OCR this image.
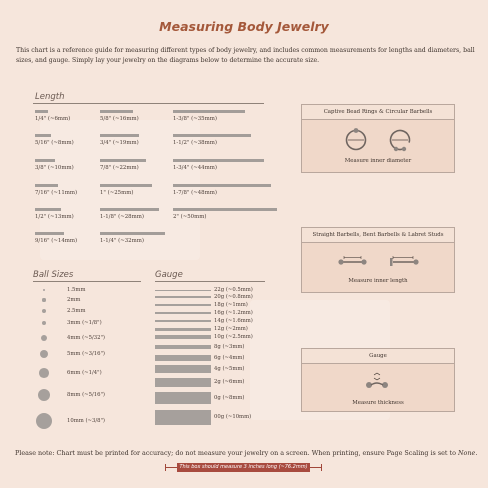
Measuring Body Jewelry
This chart is a reference guide for measuring different types of body jewelry, and includes common measurements for lengths and diameters, ball sizes, and gauge. Simply lay your jewelry on the diagrams below to determine the accurate size.
Length
1/4" (~6mm)
5/16" (~8mm)
3/8" (~10mm)
7/16" (~11mm)
1/2" (~13mm)
9/16" (~14mm)
5/8" (~16mm)
3/4" (~19mm)
7/8" (~22mm)
1" (~25mm)
1-1/8" (~28mm)
1-1/4" (~32mm)
1-3/8" (~35mm)
1-1/2" (~38mm)
1-3/4" (~44mm)
1-7/8" (~48mm)
2" (~50mm)
Ball Sizes
1.5mm
2mm
2.5mm
3mm (~1/8")
4mm (~5/32")
5mm (~3/16")
6mm (~1/4")
8mm (~5/16")
10mm (~3/8")
Gauge
22g (~0.5mm)
20g (~0.8mm)
18g (~1mm)
16g (~1.2mm)
14g (~1.6mm)
12g (~2mm)
10g (~2.5mm)
8g (~3mm)
6g (~4mm)
4g (~5mm)
2g (~6mm)
0g (~8mm)
00g (~10mm)
Captive Bead Rings & Circular Barbells
Measure inner diameter
Straight Barbells, Bent Barbells & Labret Studs
Measure inner length
Gauge
Measure thickness
Please note: Chart must be printed for accuracy; do not measure your jewelry on a screen. When printing, ensure Page Scaling is set to None.
This box should measure 3 inches long (~76.2mm)
